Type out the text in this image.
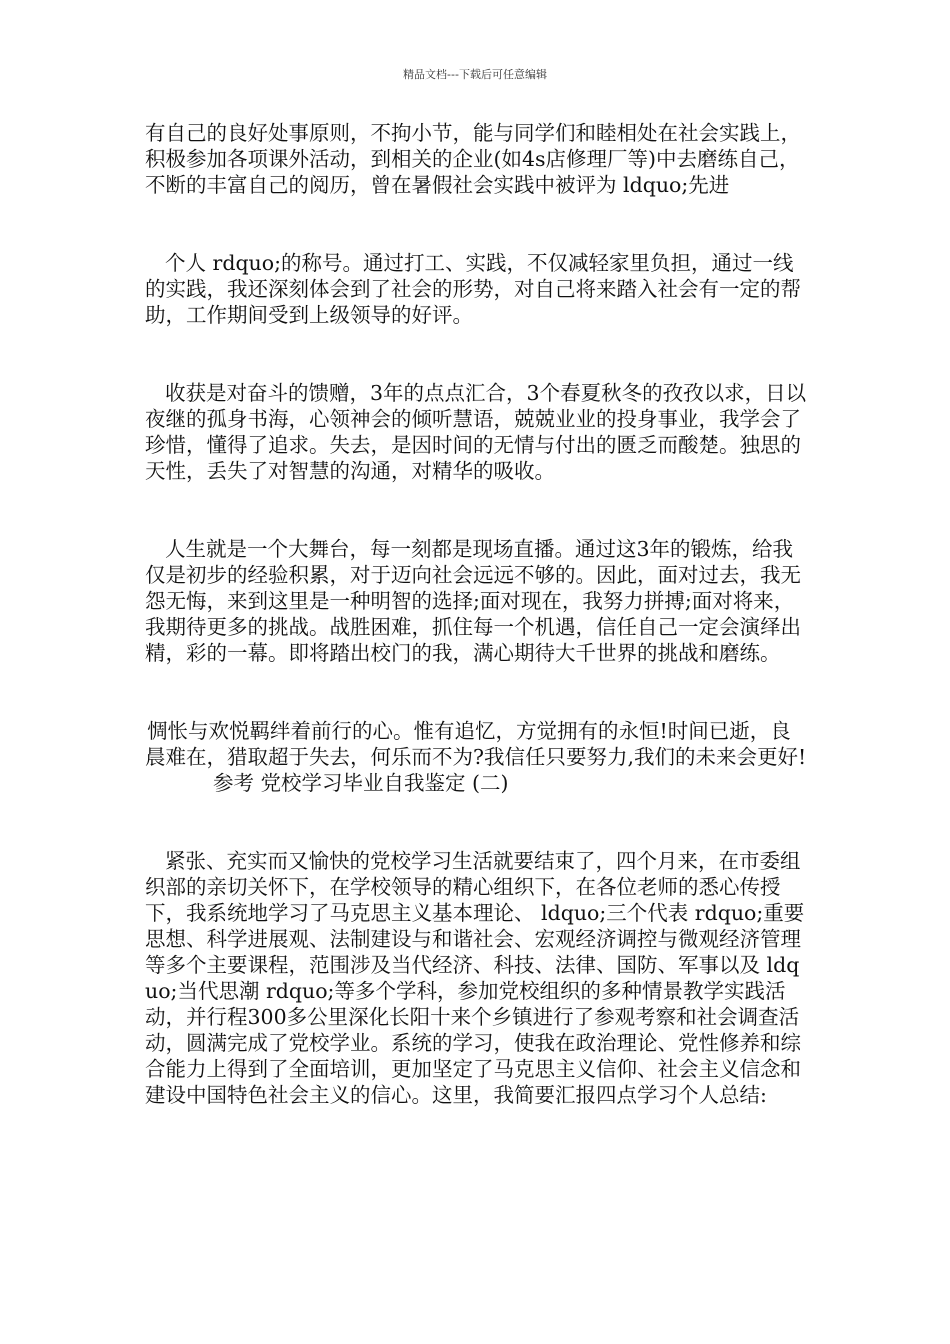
精品文档---下载后可任意编辑

有自己的良好处事原则，不拘小节，能与同学们和睦相处在社会实践上，积极参加各项课外活动，到相关的企业(如4s店修理厂等)中去磨练自己，不断的丰富自己的阅历，曾在暑假社会实践中被评为 ldquo;先进

个人 rdquo;的称号。通过打工、实践，不仅减轻家里负担，通过一线的实践，我还深刻体会到了社会的形势，对自己将来踏入社会有一定的帮助，工作期间受到上级领导的好评。

收获是对奋斗的馈赠，3年的点点汇合，3个春夏秋冬的孜孜以求，日以夜继的孤身书海，心领神会的倾听慧语，兢兢业业的投身事业，我学会了珍惜，懂得了追求。失去，是因时间的无情与付出的匮乏而酸楚。独思的天性，丢失了对智慧的沟通，对精华的吸收。

人生就是一个大舞台，每一刻都是现场直播。通过这3年的锻炼，给我仅是初步的经验积累，对于迈向社会远远不够的。因此，面对过去，我无怨无悔，来到这里是一种明智的选择;面对现在，我努力拼搏;面对将来，我期待更多的挑战。战胜困难，抓住每一个机遇，信任自己一定会演绎出精，彩的一幕。即将踏出校门的我，满心期待大千世界的挑战和磨练。

惆怅与欢悦羁绊着前行的心。惟有追忆，方觉拥有的永恒!时间已逝，良晨难在，猎取超于失去，何乐而不为?我信任只要努力,我们的未来会更好!

参考 党校学习毕业自我鉴定 (二)

紧张、充实而又愉快的党校学习生活就要结束了，四个月来，在市委组织部的亲切关怀下，在学校领导的精心组织下，在各位老师的悉心传授下，我系统地学习了马克思主义基本理论、 ldquo;三个代表 rdquo;重要思想、科学进展观、法制建设与和谐社会、宏观经济调控与微观经济管理等多个主要课程，范围涉及当代经济、科技、法律、国防、军事以及 ldquo;当代思潮 rdquo;等多个学科，参加党校组织的多种情景教学实践活动，并行程300多公里深化长阳十来个乡镇进行了参观考察和社会调查活动，圆满完成了党校学业。系统的学习，使我在政治理论、党性修养和综合能力上得到了全面培训，更加坚定了马克思主义信仰、社会主义信念和建设中国特色社会主义的信心。这里，我简要汇报四点学习个人总结:
